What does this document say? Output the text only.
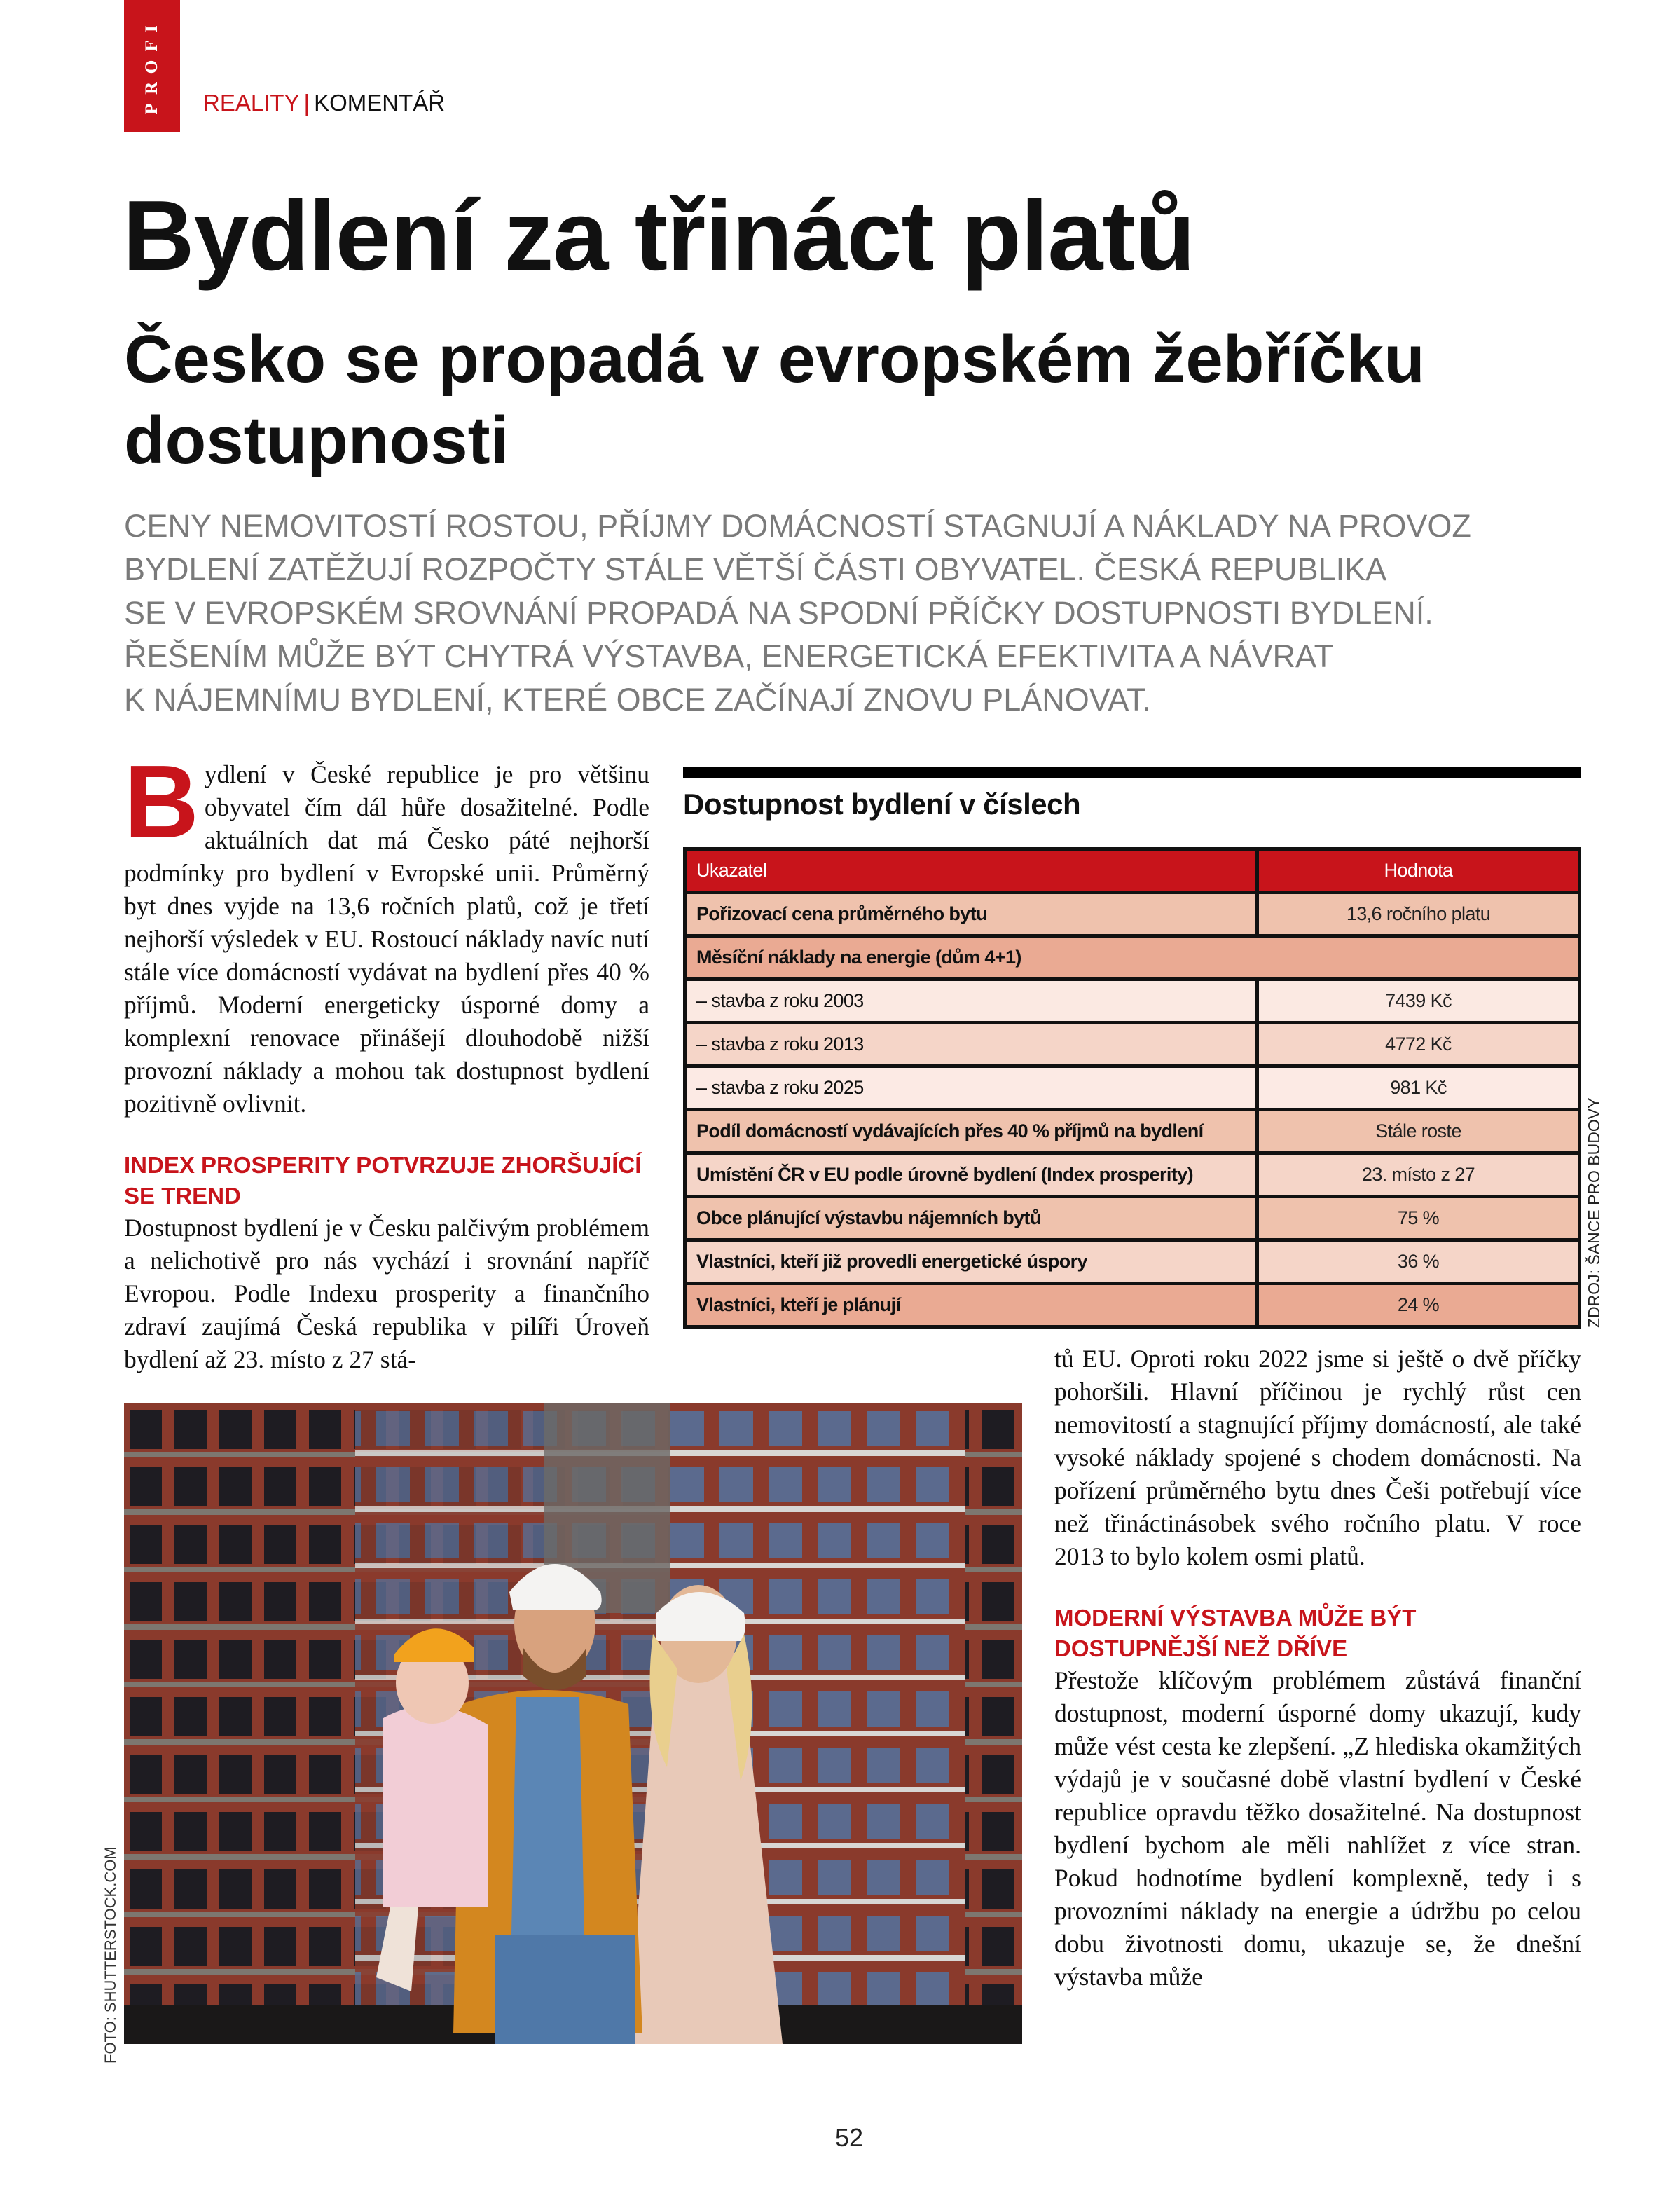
PROFI REALITY | KOMENTÁŘ
Bydlení za třináct platů
Česko se propadá v evropském žebříčku dostupnosti
CENY NEMOVITOSTÍ ROSTOU, PŘÍJMY DOMÁCNOSTÍ STAGNUJÍ A NÁKLADY NA PROVOZ
BYDLENÍ ZATĚŽUJÍ ROZPOČTY STÁLE VĚTŠÍ ČÁSTI OBYVATEL. ČESKÁ REPUBLIKA
SE V EVROPSKÉM SROVNÁNÍ PROPADÁ NA SPODNÍ PŘÍČKY DOSTUPNOSTI BYDLENÍ.
ŘEŠENÍM MŮŽE BÝT CHYTRÁ VÝSTAVBA, ENERGETICKÁ EFEKTIVITA A NÁVRAT
K NÁJEMNÍMU BYDLENÍ, KTERÉ OBCE ZAČÍNAJÍ ZNOVU PLÁNOVAT.

Bydlení v České republice je pro většinu obyvatel čím dál hůře dosažitelné. Podle aktuálních dat má Česko páté nejhorší podmínky pro bydlení v Evropské unii. Průměrný byt dnes vyjde na 13,6 ročních platů, což je třetí nejhorší výsledek v EU. Rostoucí náklady navíc nutí stále více domácností vydávat na bydlení přes 40 % příjmů. Moderní energeticky úsporné domy a komplexní renovace přinášejí dlouhodobě nižší provozní náklady a mohou tak dostupnost bydlení pozitivně ovlivnit.

INDEX PROSPERITY POTVRZUJE ZHORŠUJÍCÍ SE TREND

Dostupnost bydlení je v Česku palčivým problémem a nelichotivě pro nás vychází i srovnání napříč Evropou. Podle Indexu prosperity a finančního zdraví zaujímá Česká republika v pilíři Úroveň bydlení až 23. místo z 27 stá-

Dostupnost bydlení v číslech
Ukazatel	Hodnota
Pořizovací cena průměrného bytu	13,6 ročního platu
Měsíční náklady na energie (dům 4+1)	
– stavba z roku 2003	7439 Kč
– stavba z roku 2013	4772 Kč
– stavba z roku 2025	981 Kč
Podíl domácností vydávajících přes 40 % příjmů na bydlení	Stále roste
Umístění ČR v EU podle úrovně bydlení (Index prosperity)	23. místo z 27
Obce plánující výstavbu nájemních bytů	75 %
Vlastníci, kteří již provedli energetické úspory	36 %
Vlastníci, kteří je plánují	24 %	ZDROJ: ŠANCE PRO BUDOVY
FOTO: SHUTTERSTOCK.COM

tů EU. Oproti roku 2022 jsme si ještě o dvě příčky pohoršili. Hlavní příčinou je rychlý růst cen nemovitostí a stagnující příjmy domácností, ale také vysoké náklady spojené s chodem domácnosti. Na pořízení průměrného bytu dnes Češi potřebují více než třináctinásobek svého ročního platu. V roce 2013 to bylo kolem osmi platů.

MODERNÍ VÝSTAVBA MŮŽE BÝT DOSTUPNĚJŠÍ NEŽ DŘÍVE

Přestože klíčovým problémem zůstává finanční dostupnost, moderní úsporné domy ukazují, kudy může vést cesta ke zlepšení. „Z hlediska okamžitých výdajů je v současné době vlastní bydlení v České republice opravdu těžko dosažitelné. Na dostupnost bydlení bychom ale měli nahlížet z více stran. Pokud hodnotíme bydlení komplexně, tedy i s provozními náklady na energie a údržbu po celou dobu životnosti domu, ukazuje se, že dnešní výstavba může

52
